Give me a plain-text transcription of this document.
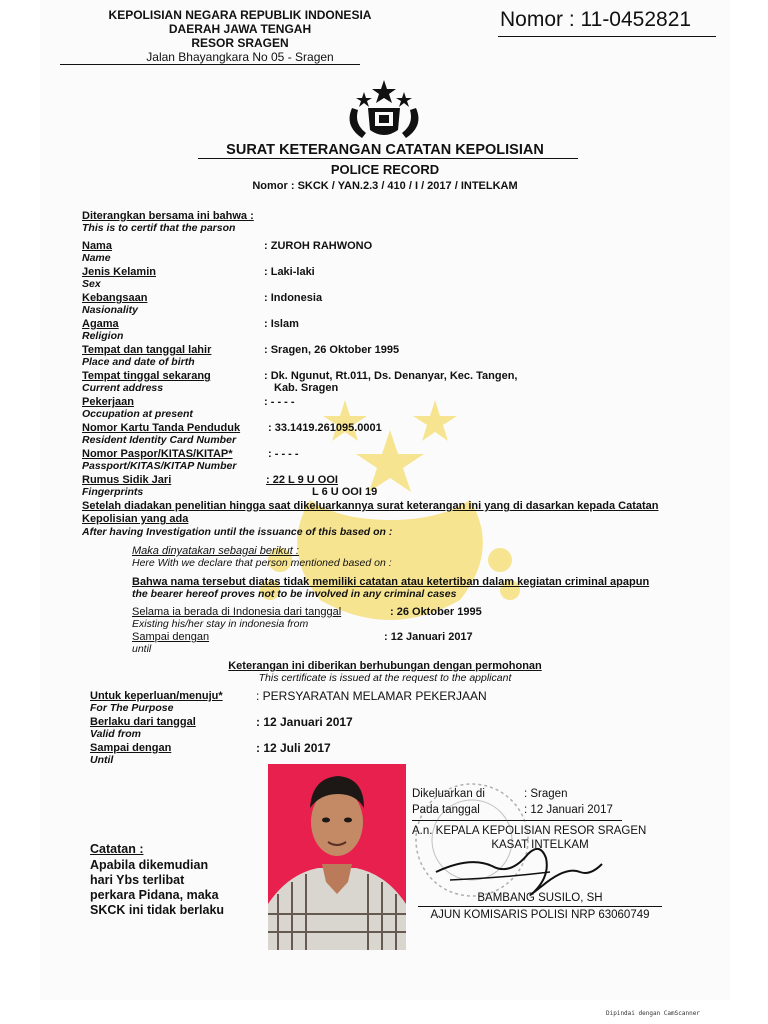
KEPOLISIAN NEGARA REPUBLIK INDONESIA
DAERAH JAWA TENGAH
RESOR SRAGEN
Jalan Bhayangkara No 05 - Sragen
Nomor : 11-0452821
SURAT KETERANGAN CATATAN KEPOLISIAN
POLICE RECORD
Nomor : SKCK / YAN.2.3 / 410 / I / 2017 / INTELKAM
Diterangkan bersama ini bahwa :
This is to certif that the parson
Nama
Name
: ZUROH RAHWONO
Jenis Kelamin
Sex
: Laki-laki
Kebangsaan
Nasionality
: Indonesia
Agama
Religion
: Islam
Tempat dan tanggal lahir
Place and date of birth
: Sragen, 26 Oktober 1995
Tempat tinggal sekarang
Current address
: Dk. Ngunut, Rt.011, Ds. Denanyar, Kec. Tangen,
Kab. Sragen
Pekerjaan
Occupation at present
: - - - -
Nomor Kartu Tanda Penduduk
Resident Identity Card Number
: 33.1419.261095.0001
Nomor Paspor/KITAS/KITAP*
Passport/KITAS/KITAP Number
: - - - -
Rumus Sidik Jari
Fingerprints
: 22 L 9 U OOI
L 6 U OOI 19
Setelah diadakan penelitian hingga saat dikeluarkannya surat keterangan ini yang di dasarkan kepada Catatan
Kepolisian yang ada
After having Investigation until the issuance of this based on :
Maka dinyatakan sebagai berikut :
Here With we declare that person mentioned based on :
Bahwa nama tersebut diatas tidak memiliki catatan atau ketertiban dalam kegiatan criminal apapun
the bearer hereof proves not to be involved in any criminal cases
Selama ia berada di Indonesia dari tanggal	: 26 Oktober 1995
Existing his/her stay in indonesia from
Sampai dengan	: 12 Januari 2017
until
Keterangan ini diberikan berhubungan dengan permohonan
This certificate is issued at the request to the applicant
Untuk keperluan/menuju*
For The Purpose
: PERSYARATAN MELAMAR PEKERJAAN
Berlaku dari tanggal
Valid from
: 12 Januari 2017
Sampai dengan
Until
: 12 Juli 2017
Catatan :
Apabila dikemudian
hari Ybs terlibat
perkara Pidana, maka
SKCK ini tidak berlaku
Dikeluarkan di	: Sragen
Pada tanggal	: 12 Januari 2017
A.n. KEPALA KEPOLISIAN RESOR SRAGEN
KASAT INTELKAM
BAMBANG SUSILO, SH
AJUN KOMISARIS POLISI NRP 63060749
Dipindai dengan CamScanner
